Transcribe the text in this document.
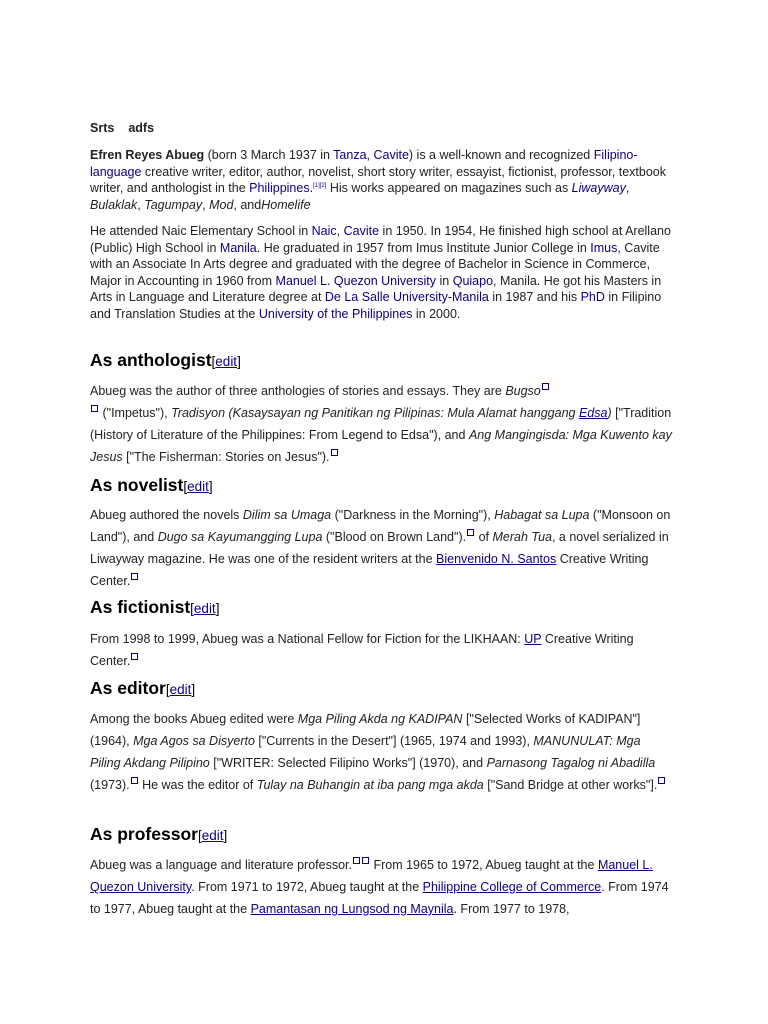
Srts adfs

Efren Reyes Abueg (born 3 March 1937 in Tanza, Cavite) is a well-known and recognized Filipino-language creative writer, editor, author, novelist, short story writer, essayist, fictionist, professor, textbook writer, and anthologist in the Philippines.[1][2] His works appeared on magazines such as Liwayway, Bulaklak, Tagumpay, Mod, andHomelife

He attended Naic Elementary School in Naic, Cavite in 1950. In 1954, He finished high school at Arellano (Public) High School in Manila. He graduated in 1957 from Imus Institute Junior College in Imus, Cavite with an Associate In Arts degree and graduated with the degree of Bachelor in Science in Commerce, Major in Accounting in 1960 from Manuel L. Quezon University in Quiapo, Manila. He got his Masters in Arts in Language and Literature degree at De La Salle University-Manila in 1987 and his PhD in Filipino and Translation Studies at the University of the Philippines in 2000.

As anthologist[edit]

Abueg was the author of three anthologies of stories and essays. They are Bugso
("Impetus"), Tradisyon (Kasaysayan ng Panitikan ng Pilipinas: Mula Alamat hanggang Edsa) ["Tradition (History of Literature of the Philippines: From Legend to Edsa"), and Ang Mangingisda: Mga Kuwento kay Jesus ["The Fisherman: Stories on Jesus").

As novelist[edit]

Abueg authored the novels Dilim sa Umaga ("Darkness in the Morning"), Habagat sa Lupa ("Monsoon on Land"), and Dugo sa Kayumangging Lupa ("Blood on Brown Land"). of Merah Tua, a novel serialized in Liwayway magazine. He was one of the resident writers at the Bienvenido N. Santos Creative Writing Center.

As fictionist[edit]

From 1998 to 1999, Abueg was a National Fellow for Fiction for the LIKHAAN: UP Creative Writing Center.

As editor[edit]

Among the books Abueg edited were Mga Piling Akda ng KADIPAN ["Selected Works of KADIPAN"] (1964), Mga Agos sa Disyerto ["Currents in the Desert"] (1965, 1974 and 1993), MANUNULAT: Mga Piling Akdang Pilipino ["WRITER: Selected Filipino Works"] (1970), and Parnasong Tagalog ni Abadilla (1973). He was the editor of Tulay na Buhangin at iba pang mga akda ["Sand Bridge at other works"].

As professor[edit]

Abueg was a language and literature professor. From 1965 to 1972, Abueg taught at the Manuel L. Quezon University. From 1971 to 1972, Abueg taught at the Philippine College of Commerce. From 1974 to 1977, Abueg taught at the Pamantasan ng Lungsod ng Maynila. From 1977 to 1978,
